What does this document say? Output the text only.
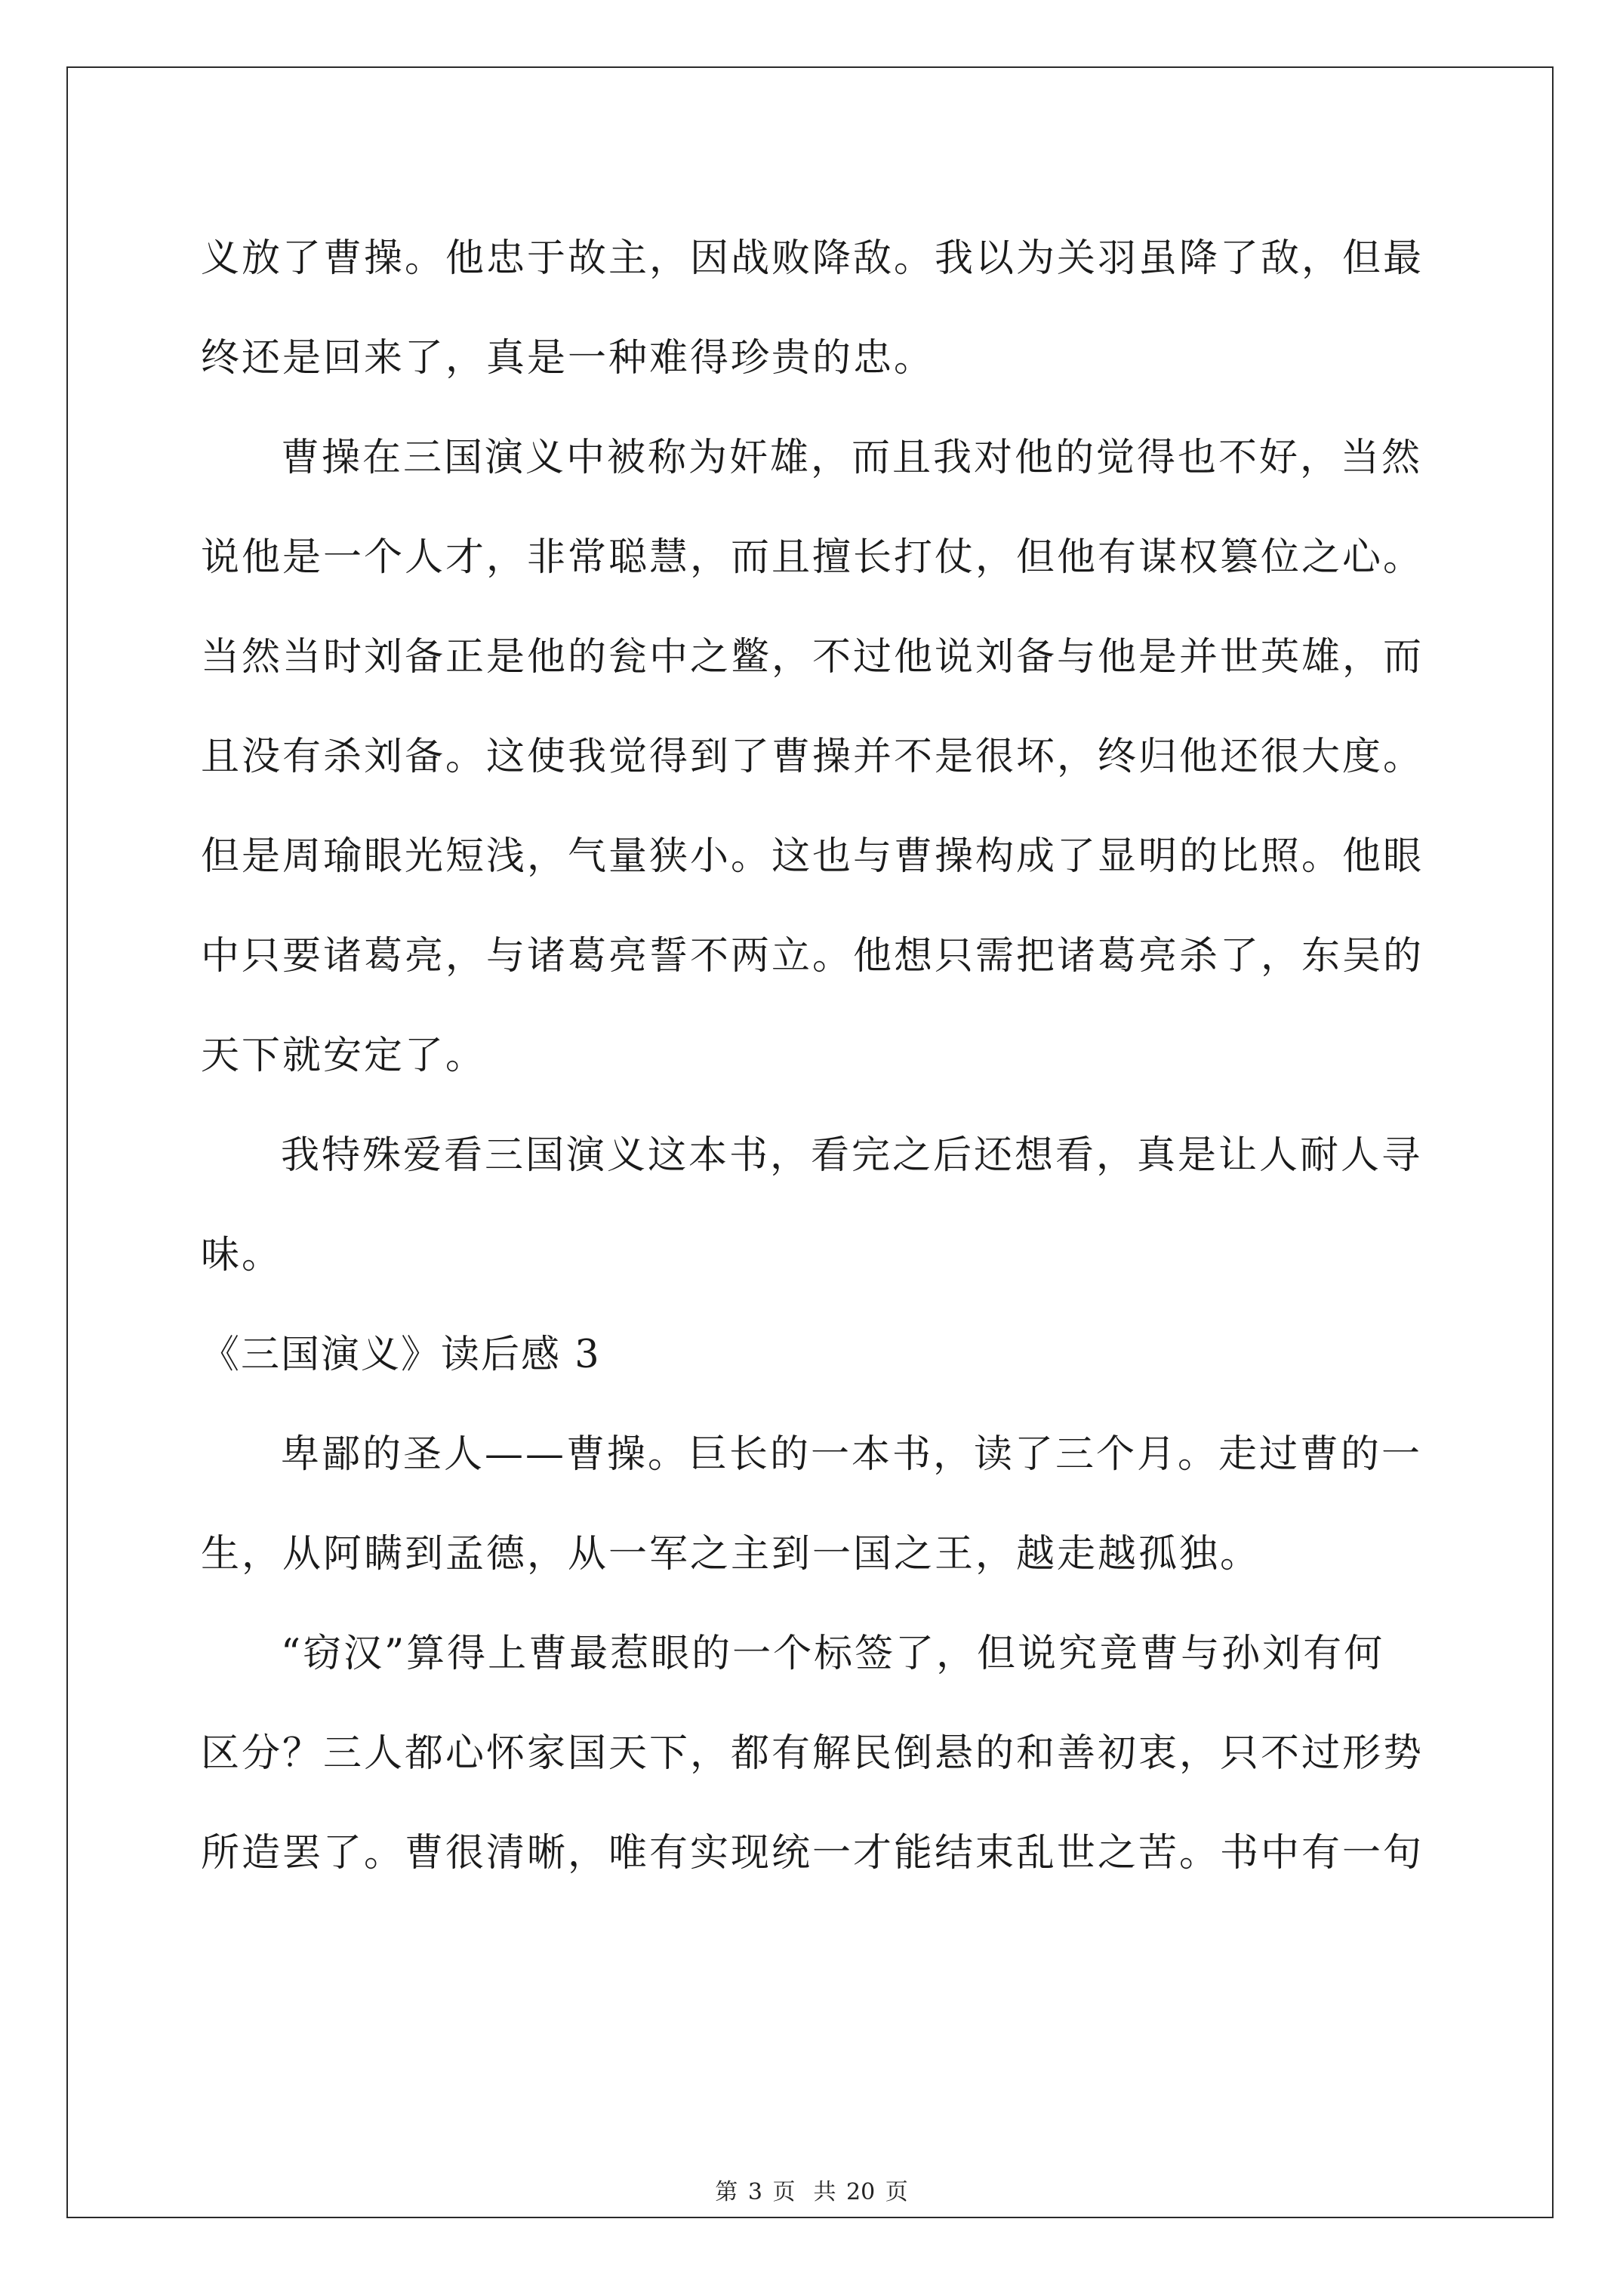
义放了曹操。他忠于故主，因战败降敌。我以为关羽虽降了敌，但最
终还是回来了，真是一种难得珍贵的忠。
曹操在三国演义中被称为奸雄，而且我对他的觉得也不好，当然
说他是一个人才，非常聪慧，而且擅长打仗，但他有谋权篡位之心。
当然当时刘备正是他的瓮中之鳖，不过他说刘备与他是并世英雄，而
且没有杀刘备。这使我觉得到了曹操并不是很坏，终归他还很大度。
但是周瑜眼光短浅，气量狭小。这也与曹操构成了显明的比照。他眼
中只要诸葛亮，与诸葛亮誓不两立。他想只需把诸葛亮杀了，东吴的
天下就安定了。
我特殊爱看三国演义这本书，看完之后还想看，真是让人耐人寻
味。
《三国演义》读后感 3
卑鄙的圣人——曹操。巨长的一本书，读了三个月。走过曹的一
生，从阿瞒到孟德，从一军之主到一国之王，越走越孤独。
“窃汉”算得上曹最惹眼的一个标签了，但说究竟曹与孙刘有何
区分？三人都心怀家国天下，都有解民倒悬的和善初衷，只不过形势
所造罢了。曹很清晰，唯有实现统一才能结束乱世之苦。书中有一句
第 3 页 共 20 页
